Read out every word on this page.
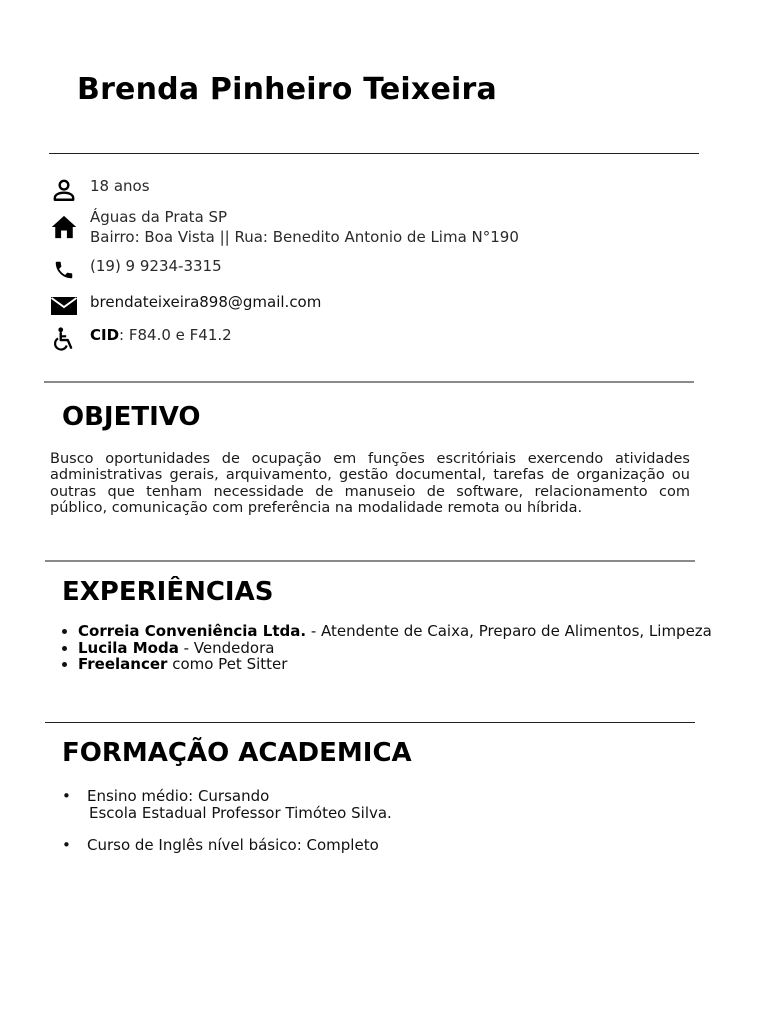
Brenda Pinheiro Teixeira
18 anos
Águas da Prata SP
Bairro: Boa Vista || Rua: Benedito Antonio de Lima N°190
(19) 9 9234-3315
brendateixeira898@gmail.com
CID: F84.0 e F41.2
OBJETIVO

Busco oportunidades de ocupação em funções escritóriais exercendo atividades administrativas gerais, arquivamento, gestão documental, tarefas de organização ou outras que tenham necessidade de manuseio de software, relacionamento com público, comunicação com preferência na modalidade remota ou híbrida.

EXPERIÊNCIAS
• Correia Conveniência Ltda. - Atendente de Caixa, Preparo de Alimentos, Limpeza
• Lucila Moda - Vendedora
• Freelancer como Pet Sitter
FORMAÇÃO ACADEMICA
• Ensino médio: Cursando
Escola Estadual Professor Timóteo Silva.
• Curso de Inglês nível básico: Completo
